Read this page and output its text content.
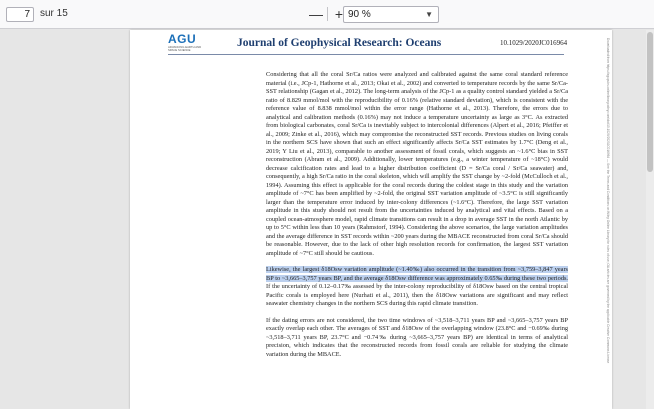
7
sur 15	— + 90 %	▼
AGU
ADVANCING EARTH AND SPACE SCIENCE
Journal of Geophysical Research: Oceans	10.1029/2020JC016964

Considering that all the coral Sr/Ca ratios were analyzed and calibrated against the same coral standard reference material (i.e., JCp-1, Hathorne et al., 2013; Okai et al., 2002) and converted to temperature records by the same Sr/Ca-SST relationship (Gagan et al., 2012). The long-term analysis of the JCp-1 as a quality control standard yielded a Sr/Ca ratio of 8.829 mmol/mol with the reproducibility of 0.16% (relative standard deviation), which is consistent with the reference value of 8.838 mmol/mol within the error range (Hathorne et al., 2013). Therefore, the errors due to analytical and calibration methods (0.16%) may not induce a temperature uncertainty as large as 3°C. As extracted from biological carbonates, coral Sr/Ca is inevitably subject to intercolonial differences (Alpert et al., 2016; Pfeiffer et al., 2009; Zinke et al., 2016), which may compromise the reconstructed SST records. Previous studies on living corals in the northern SCS have shown that such an effect significantly affects Sr/Ca SST estimates by 1.7°C (Deng et al., 2019; Y Liu et al., 2013), comparable to another assessment of fossil corals, which suggests an ~1.6°C bias in SST reconstruction (Abram et al., 2009). Additionally, lower temperatures (e.g., a winter temperature of ~18°C) would decrease calcification rates and lead to a higher distribution coefficient (D = Sr/Ca coral / Sr/Ca seawater) and, consequently, a high Sr/Ca ratio in the coral skeleton, which will amplify the SST change by ~2-fold (McCulloch et al., 1994). Assuming this effect is applicable for the coral records during the coldest stage in this study and the variation amplitude of ~7°C has been amplified by ~2-fold, the original SST variation amplitude of ~3.5°C is still significantly larger than the temperature error induced by inter-colony differences (~1.6°C). Therefore, the large SST variation amplitude in this study should not result from the uncertainties induced by analytical and vital effects. Based on a coupled ocean-atmosphere model, rapid climate transitions can result in a drop in average SST in the north Atlantic by up to 5°C within less than 10 years (Rahmstorf, 1994). Considering the above scenarios, the large variation amplitudes and the average difference in SST records within ~200 years during the MBACE reconstructed from coral Sr/Ca should be reasonable. However, due to the lack of other high resolution records for confirmation, the largest SST variation amplitude of ~7°C still should be cautious.

Likewise, the largest δ18Osw variation amplitude (~1.40‰) also occurred in the transition from ~3,759–3,847 years BP to ~3,665–3,757 years BP, and the average δ18Osw difference was approximately 0.65‰ during these two periods. If the uncertainty of 0.12–0.17‰ assessed by the inter-colony reproducibility of δ18Osw based on the central tropical Pacific corals is employed here (Nurhati et al., 2011), then the δ18Osw variations are significant and may reflect seawater chemistry changes in the northern SCS during this rapid climate transition.

If the dating errors are not considered, the two time windows of ~3,518–3,711 years BP and ~3,665–3,757 years BP exactly overlap each other. The averages of SST and δ18Osw of the overlapping window (23.8°C and −0.69‰ during ~3,518–3,711 years BP, 23.7°C and −0.74‰ during ~3,665–3,757 years BP) are identical in terms of analytical precision, which indicates that the reconstructed records from fossil corals are reliable for studying the climate variation during the MBACE.	Downloaded from https://agupubs.onlinelibrary.wiley.com/doi/10.1029/2020JC016964 — See the Terms and Conditions on Wiley Online Library for rules of use; OA articles are governed by the applicable Creative Commons License
